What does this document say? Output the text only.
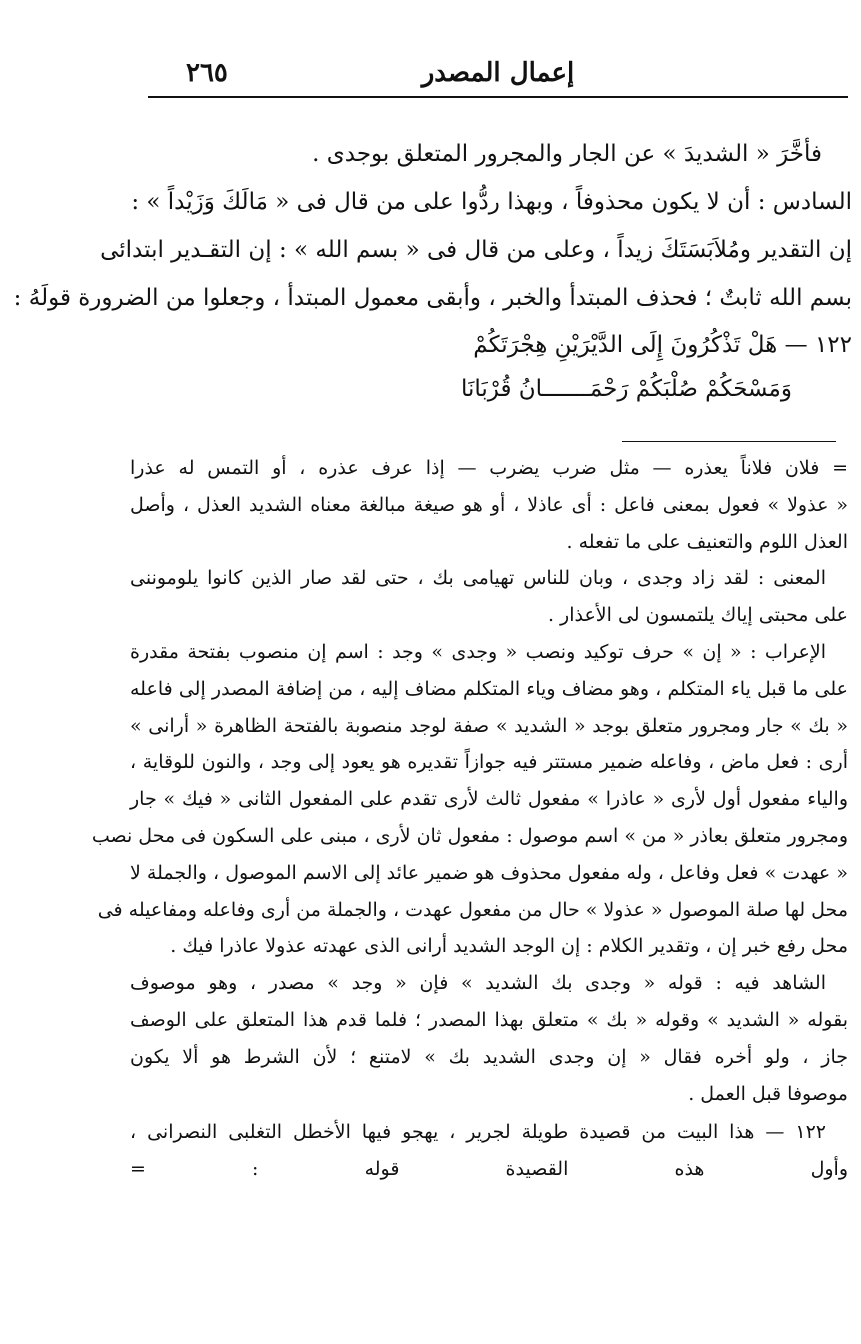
إعمال المصدر
٢٦٥
فأخَّرَ « الشديدَ » عن الجار والمجرور المتعلق بوجدى .
السادس : أن لا يكون محذوفاً ، وبهذا ردُّوا على من قال فى « مَالَكَ وَزَيْداً » :
إن التقدير ومُلاَبَسَتَكَ زيداً ، وعلى من قال فى « بسم الله » : إن التقـدير ابتدائى
بسم الله ثابتٌ ؛ فحذف المبتدأ والخبر ، وأبقى معمول المبتدأ ، وجعلوا من الضرورة قولَهُ :
١٢٢ — هَلْ تَذْكُرُونَ إِلَى الدَّيْرَيْنِ هِجْرَتَكُمْ
وَمَسْحَكُمْ صُلْبَكُمْ رَحْمَـــــــانُ قُرْبَانَا
= فلان فلاناً يعذره — مثل ضرب يضرب — إذا عرف عذره ، أو التمس له عذرا
« عذولا » فعول بمعنى فاعل : أى عاذلا ، أو هو صيغة مبالغة معناه الشديد العذل ، وأصل
العذل اللوم والتعنيف على ما تفعله .
المعنى : لقد زاد وجدى ، وبان للناس تهيامى بك ، حتى لقد صار الذين كانوا يلوموننى
على محبتى إياك يلتمسون لى الأعذار .
الإعراب : « إن » حرف توكيد ونصب « وجدى » وجد : اسم إن منصوب بفتحة مقدرة
على ما قبل ياء المتكلم ، وهو مضاف وياء المتكلم مضاف إليه ، من إضافة المصدر إلى فاعله
« بك » جار ومجرور متعلق بوجد « الشديد » صفة لوجد منصوبة بالفتحة الظاهرة « أرانى »
أرى : فعل ماض ، وفاعله ضمير مستتر فيه جوازاً تقديره هو يعود إلى وجد ، والنون للوقاية ،
والياء مفعول أول لأرى « عاذرا » مفعول ثالث لأرى تقدم على المفعول الثانى « فيك » جار
ومجرور متعلق بعاذر « من » اسم موصول : مفعول ثان لأرى ، مبنى على السكون فى محل نصب
« عهدت » فعل وفاعل ، وله مفعول محذوف هو ضمير عائد إلى الاسم الموصول ، والجملة لا
محل لها صلة الموصول « عذولا » حال من مفعول عهدت ، والجملة من أرى وفاعله ومفاعيله فى
محل رفع خبر إن ، وتقدير الكلام : إن الوجد الشديد أرانى الذى عهدته عذولا عاذرا فيك .
الشاهد فيه : قوله « وجدى بك الشديد » فإن « وجد » مصدر ، وهو موصوف
بقوله « الشديد » وقوله « بك » متعلق بهذا المصدر ؛ فلما قدم هذا المتعلق على الوصف
جاز ، ولو أخره فقال « إن وجدى الشديد بك » لامتنع ؛ لأن الشرط هو ألا يكون
موصوفا قبل العمل .
١٢٢ — هذا البيت من قصيدة طويلة لجرير ، يهجو فيها الأخطل التغلبى النصرانى ،
وأول هذه القصيدة قوله : =
